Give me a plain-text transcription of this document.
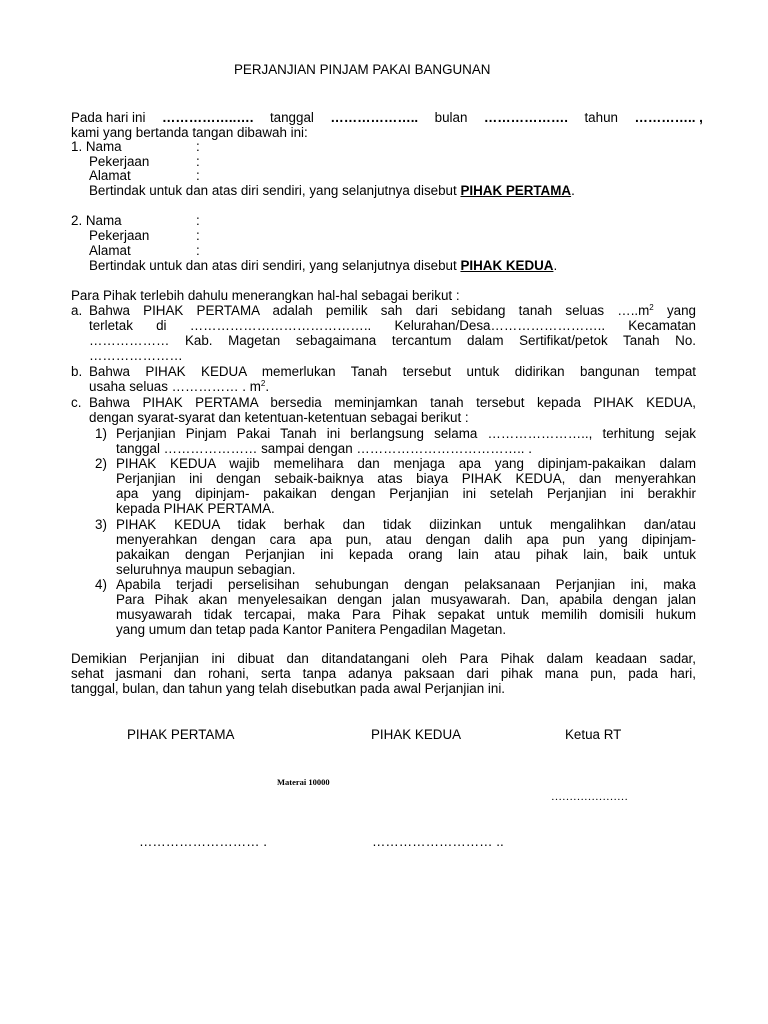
PERJANJIAN PINJAM PAKAI BANGUNAN
Pada hari ini ……………..…. tanggal ……………….. bulan ………………. tahun ………….. ,
kami yang bertanda tangan dibawah ini:
1. Nama	:
Pekerjaan	:
Alamat	:
Bertindak untuk dan atas diri sendiri, yang selanjutnya disebut PIHAK PERTAMA.
2. Nama	:
Pekerjaan	:
Alamat	:
Bertindak untuk dan atas diri sendiri, yang selanjutnya disebut PIHAK KEDUA.
Para Pihak terlebih dahulu menerangkan hal-hal sebagai berikut :
a. Bahwa PIHAK PERTAMA adalah pemilik sah dari sebidang tanah seluas $\dots..m^2$ yang
terletak di ………………………………….. Kelurahan/Desa…………………….. Kecamatan
……………… Kab. Magetan sebagaimana tercantum dalam Sertifikat/petok Tanah No.
…………………
b. Bahwa PIHAK KEDUA memerlukan Tanah tersebut untuk didirikan bangunan tempat
usaha seluas …………… . $m^2$.
c. Bahwa PIHAK PERTAMA bersedia meminjamkan tanah tersebut kepada PIHAK KEDUA,
dengan syarat-syarat dan ketentuan-ketentuan sebagai berikut :
1) Perjanjian Pinjam Pakai Tanah ini berlangsung selama ………………….., terhitung sejak
tanggal ………………… sampai dengan ……………………………….. .
2) PIHAK KEDUA wajib memelihara dan menjaga apa yang dipinjam-pakaikan dalam
Perjanjian ini dengan sebaik-baiknya atas biaya PIHAK KEDUA, dan menyerahkan
apa yang dipinjam- pakaikan dengan Perjanjian ini setelah Perjanjian ini berakhir
kepada PIHAK PERTAMA.
3) PIHAK KEDUA tidak berhak dan tidak diizinkan untuk mengalihkan dan/atau
menyerahkan dengan cara apa pun, atau dengan dalih apa pun yang dipinjam-
pakaikan dengan Perjanjian ini kepada orang lain atau pihak lain, baik untuk
seluruhnya maupun sebagian.
4) Apabila terjadi perselisihan sehubungan dengan pelaksanaan Perjanjian ini, maka
Para Pihak akan menyelesaikan dengan jalan musyawarah. Dan, apabila dengan jalan
musyawarah tidak tercapai, maka Para Pihak sepakat untuk memilih domisili hukum
yang umum dan tetap pada Kantor Panitera Pengadilan Magetan.
Demikian Perjanjian ini dibuat dan ditandatangani oleh Para Pihak dalam keadaan sadar,
sehat jasmani dan rohani, serta tanpa adanya paksaan dari pihak mana pun, pada hari,
tanggal, bulan, dan tahun yang telah disebutkan pada awal Perjanjian ini.
PIHAK PERTAMA	PIHAK KEDUA	Ketua RT
Materai 10000
…………………
……………………… .	……………………… ..
